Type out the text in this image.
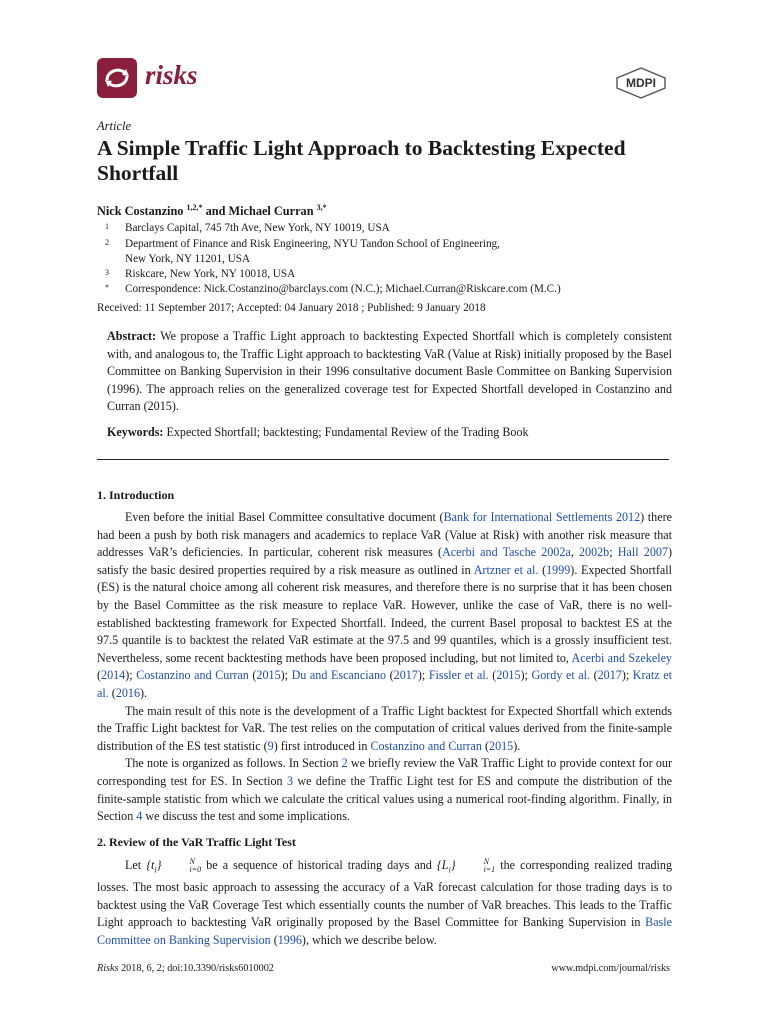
risks	MDPI
Article
A Simple Traffic Light Approach to Backtesting Expected Shortfall
Nick Costanzino $^{1,2,*}$ and Michael Curran $^{3,*}$
1 Barclays Capital, 745 7th Ave, New York, NY 10019, USA
2 Department of Finance and Risk Engineering, NYU Tandon School of Engineering,
New York, NY 11201, USA
3 Riskcare, New York, NY 10018, USA
* Correspondence: Nick.Costanzino@barclays.com (N.C.); Michael.Curran@Riskcare.com (M.C.)
Received: 11 September 2017; Accepted: 04 January 2018 ; Published: 9 January 2018
Abstract: We propose a Traffic Light approach to backtesting Expected Shortfall which is completely consistent with, and analogous to, the Traffic Light approach to backtesting VaR (Value at Risk) initially proposed by the Basel Committee on Banking Supervision in their 1996 consultative document Basle Committee on Banking Supervision (1996). The approach relies on the generalized coverage test for Expected Shortfall developed in Costanzino and Curran (2015).
Keywords: Expected Shortfall; backtesting; Fundamental Review of the Trading Book
1. Introduction
Even before the initial Basel Committee consultative document (Bank for International Settlements 2012) there had been a push by both risk managers and academics to replace VaR (Value at Risk) with another risk measure that addresses VaR’s deficiencies. In particular, coherent risk measures (Acerbi and Tasche 2002a, 2002b; Hall 2007) satisfy the basic desired properties required by a risk measure as outlined in Artzner et al. (1999). Expected Shortfall (ES) is the natural choice among all coherent risk measures, and therefore there is no surprise that it has been chosen by the Basel Committee as the risk measure to replace VaR. However, unlike the case of VaR, there is no well-established backtesting framework for Expected Shortfall. Indeed, the current Basel proposal to backtest ES at the 97.5 quantile is to backtest the related VaR estimate at the 97.5 and 99 quantiles, which is a grossly insufficient test. Nevertheless, some recent backtesting methods have been proposed including, but not limited to, Acerbi and Szekeley (2014); Costanzino and Curran (2015); Du and Escanciano (2017); Fissler et al. (2015); Gordy et al. (2017); Kratz et al. (2016).
The main result of this note is the development of a Traffic Light backtest for Expected Shortfall which extends the Traffic Light backtest for VaR. The test relies on the computation of critical values derived from the finite-sample distribution of the ES test statistic (9) first introduced in Costanzino and Curran (2015).
The note is organized as follows. In Section 2 we briefly review the VaR Traffic Light to provide context for our corresponding test for ES. In Section 3 we define the Traffic Light test for ES and compute the distribution of the finite-sample statistic from which we calculate the critical values using a numerical root-finding algorithm. Finally, in Section 4 we discuss the test and some implications.
2. Review of the VaR Traffic Light Test
Let $\{t_i\}$	N
i=0 be a sequence of historical trading days and $\{L_i\}$	N
i=1 the corresponding realized trading losses. The most basic approach to assessing the accuracy of a VaR forecast calculation for those trading days is to backtest using the VaR Coverage Test which essentially counts the number of VaR breaches. This leads to the Traffic Light approach to backtesting VaR originally proposed by the Basel Committee for Banking Supervision in Basle Committee on Banking Supervision (1996), which we describe below.
Risks 2018, 6, 2; doi:10.3390/risks6010002	www.mdpi.com/journal/risks
